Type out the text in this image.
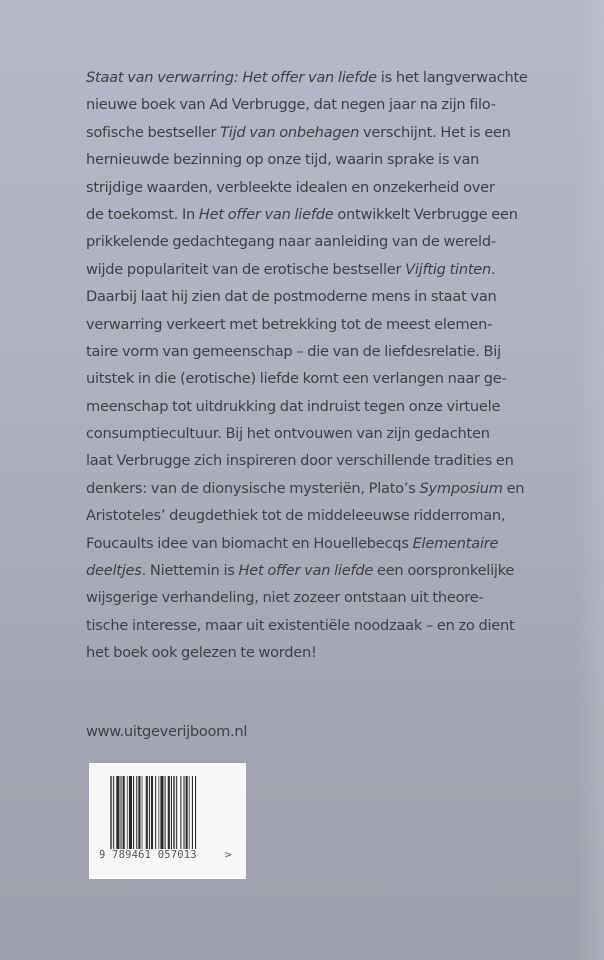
Staat van verwarring: Het offer van liefde is het langverwachte
nieuwe boek van Ad Verbrugge, dat negen jaar na zijn filo-
sofische bestseller Tijd van onbehagen verschijnt. Het is een
hernieuwde bezinning op onze tijd, waarin sprake is van
strijdige waarden, verbleekte idealen en onzekerheid over
de toekomst. In Het offer van liefde ontwikkelt Verbrugge een
prikkelende gedachtegang naar aanleiding van de wereld-
wijde populariteit van de erotische bestseller Vijftig tinten.
Daarbij laat hij zien dat de postmoderne mens in staat van
verwarring verkeert met betrekking tot de meest elemen-
taire vorm van gemeenschap – die van de liefdesrelatie. Bij
uitstek in die (erotische) liefde komt een verlangen naar ge-
meenschap tot uitdrukking dat indruist tegen onze virtuele
consumptiecultuur. Bij het ontvouwen van zijn gedachten
laat Verbrugge zich inspireren door verschillende tradities en
denkers: van de dionysische mysteriën, Plato’s Symposium en
Aristoteles’ deugdethiek tot de middeleeuwse ridderroman,
Foucaults idee van biomacht en Houellebecqs Elementaire
deeltjes. Niettemin is Het offer van liefde een oorspronkelijke
wijsgerige verhandeling, niet zozeer ontstaan uit theore-
tische interesse, maar uit existentiële noodzaak – en zo dient
het boek ook gelezen te worden!
www.uitgeverijboom.nl
9 789461 057013	>
